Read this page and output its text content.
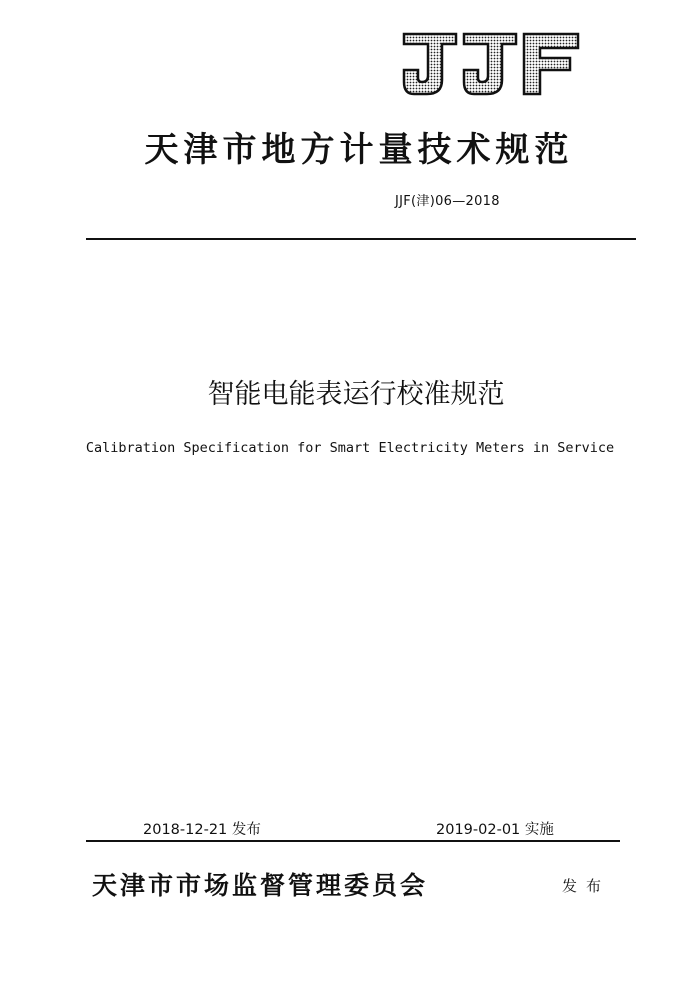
天津市地方计量技术规范
JJF(津)06—2018
智能电能表运行校准规范
Calibration Specification for Smart Electricity Meters in Service
2018-12-21 发布	2019-02-01 实施
天津市市场监督管理委员会	发布
